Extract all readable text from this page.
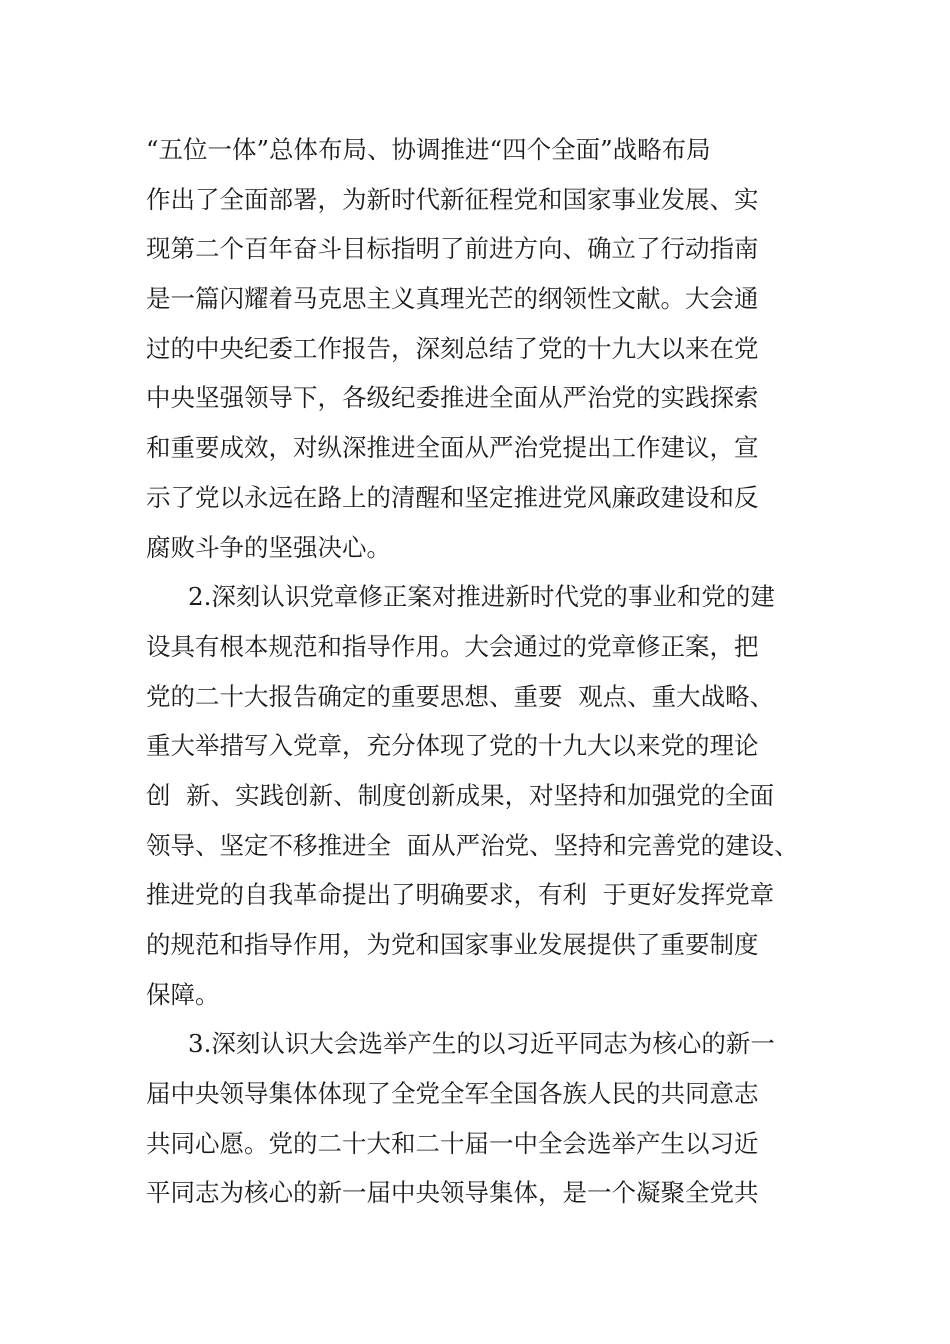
“五位一体”总体布局、协调推进“四个全面”战略布局
作出了全面部署，为新时代新征程党和国家事业发展、实
现第二个百年奋斗目标指明了前进方向、确立了行动指南
是一篇闪耀着马克思主义真理光芒的纲领性文献。大会通
过的中央纪委工作报告，深刻总结了党的十九大以来在党
中央坚强领导下，各级纪委推进全面从严治党的实践探索
和重要成效，对纵深推进全面从严治党提出工作建议，宣
示了党以永远在路上的清醒和坚定推进党风廉政建设和反
腐败斗争的坚强决心。
2.深刻认识党章修正案对推进新时代党的事业和党的建
设具有根本规范和指导作用。大会通过的党章修正案，把
党的二十大报告确定的重要思想、重要  观点、重大战略、
重大举措写入党章，充分体现了党的十九大以来党的理论
创  新、实践创新、制度创新成果，对坚持和加强党的全面
领导、坚定不移推进全  面从严治党、坚持和完善党的建设、
推进党的自我革命提出了明确要求，有利  于更好发挥党章
的规范和指导作用，为党和国家事业发展提供了重要制度
保障。
3.深刻认识大会选举产生的以习近平同志为核心的新一
届中央领导集体体现了全党全军全国各族人民的共同意志
共同心愿。党的二十大和二十届一中全会选举产生以习近
平同志为核心的新一届中央领导集体，是一个凝聚全党共
